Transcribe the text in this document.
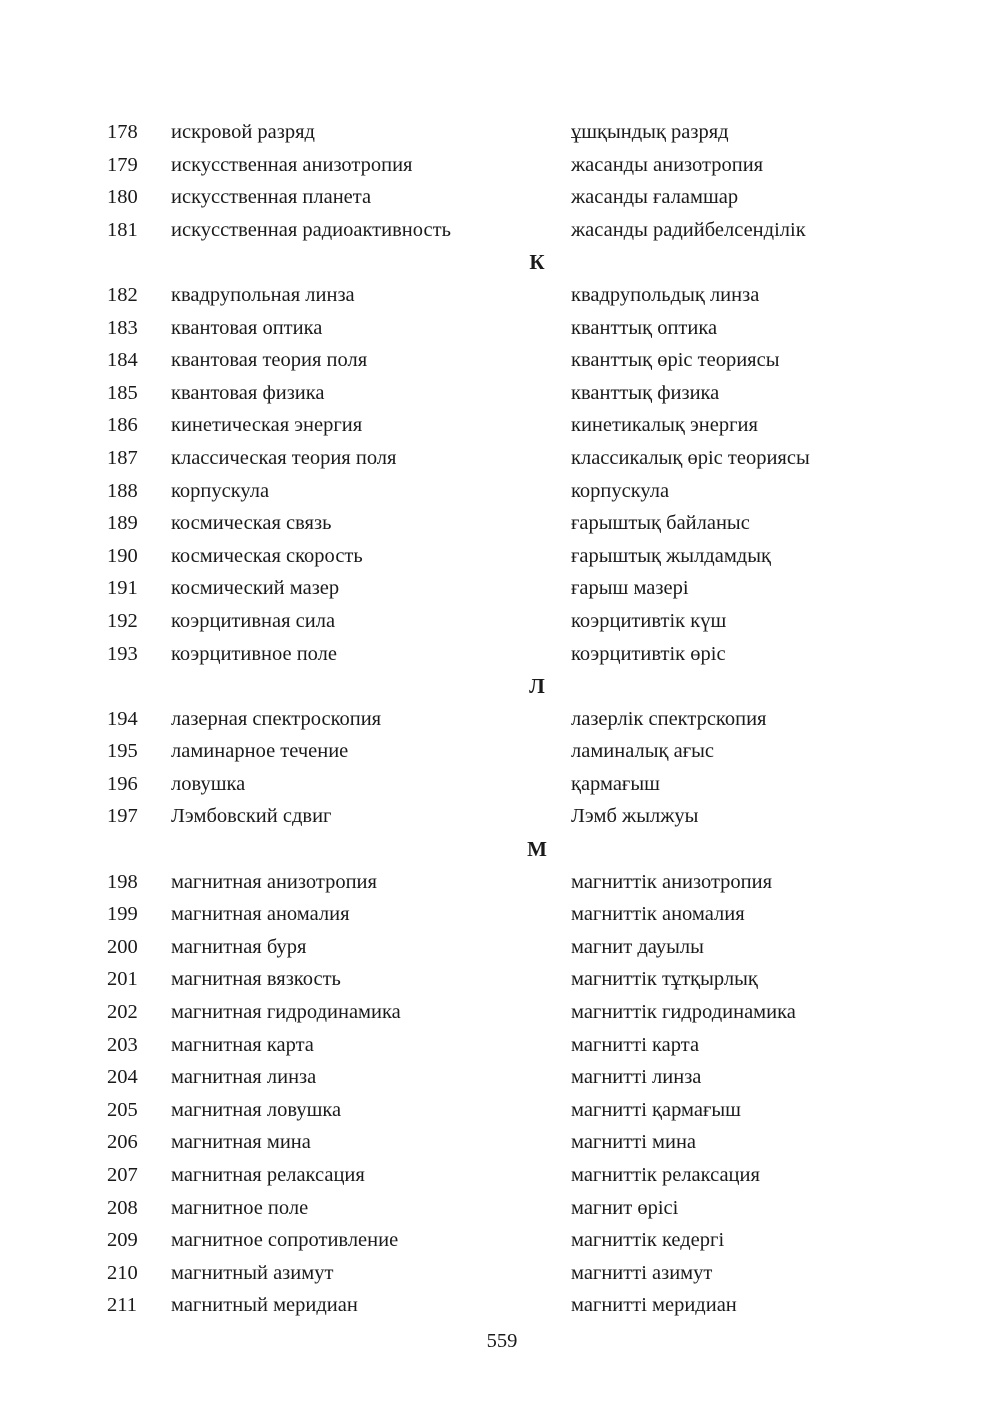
178 искровой разряд	ұшқындық разряд
179 искусственная анизотропия	жасанды анизотропия
180 искусственная планета	жасанды ғаламшар
181 искусственная радиоактивность	жасанды радийбелсенділік
К
182 квадрупольная линза	квадрупольдық линза
183 квантовая оптика	кванттық оптика
184 квантовая теория поля	кванттық өріс теориясы
185 квантовая физика	кванттық физика
186 кинетическая энергия	кинетикалық энергия
187 классическая теория поля	классикалық өріс теориясы
188 корпускула	корпускула
189 космическая связь	ғарыштық байланыс
190 космическая скорость	ғарыштық жылдамдық
191 космический мазер	ғарыш мазері
192 коэрцитивная сила	коэрцитивтік күш
193 коэрцитивное поле	коэрцитивтік өріс
Л
194 лазерная спектроскопия	лазерлік спектрскопия
195 ламинарное течение	ламиналық ағыс
196 ловушка	қармағыш
197 Лэмбовский сдвиг	Лэмб жылжуы
М
198 магнитная анизотропия	магниттік анизотропия
199 магнитная аномалия	магниттік аномалия
200 магнитная буря	магнит дауылы
201 магнитная вязкость	магниттік тұтқырлық
202 магнитная гидродинамика	магниттік гидродинамика
203 магнитная карта	магнитті карта
204 магнитная линза	магнитті линза
205 магнитная ловушка	магнитті қармағыш
206 магнитная мина	магнитті мина
207 магнитная релаксация	магниттік релаксация
208 магнитное поле	магнит өрісі
209 магнитное сопротивление	магниттік кедергі
210 магнитный азимут	магнитті азимут
211 магнитный меридиан	магнитті меридиан
559
